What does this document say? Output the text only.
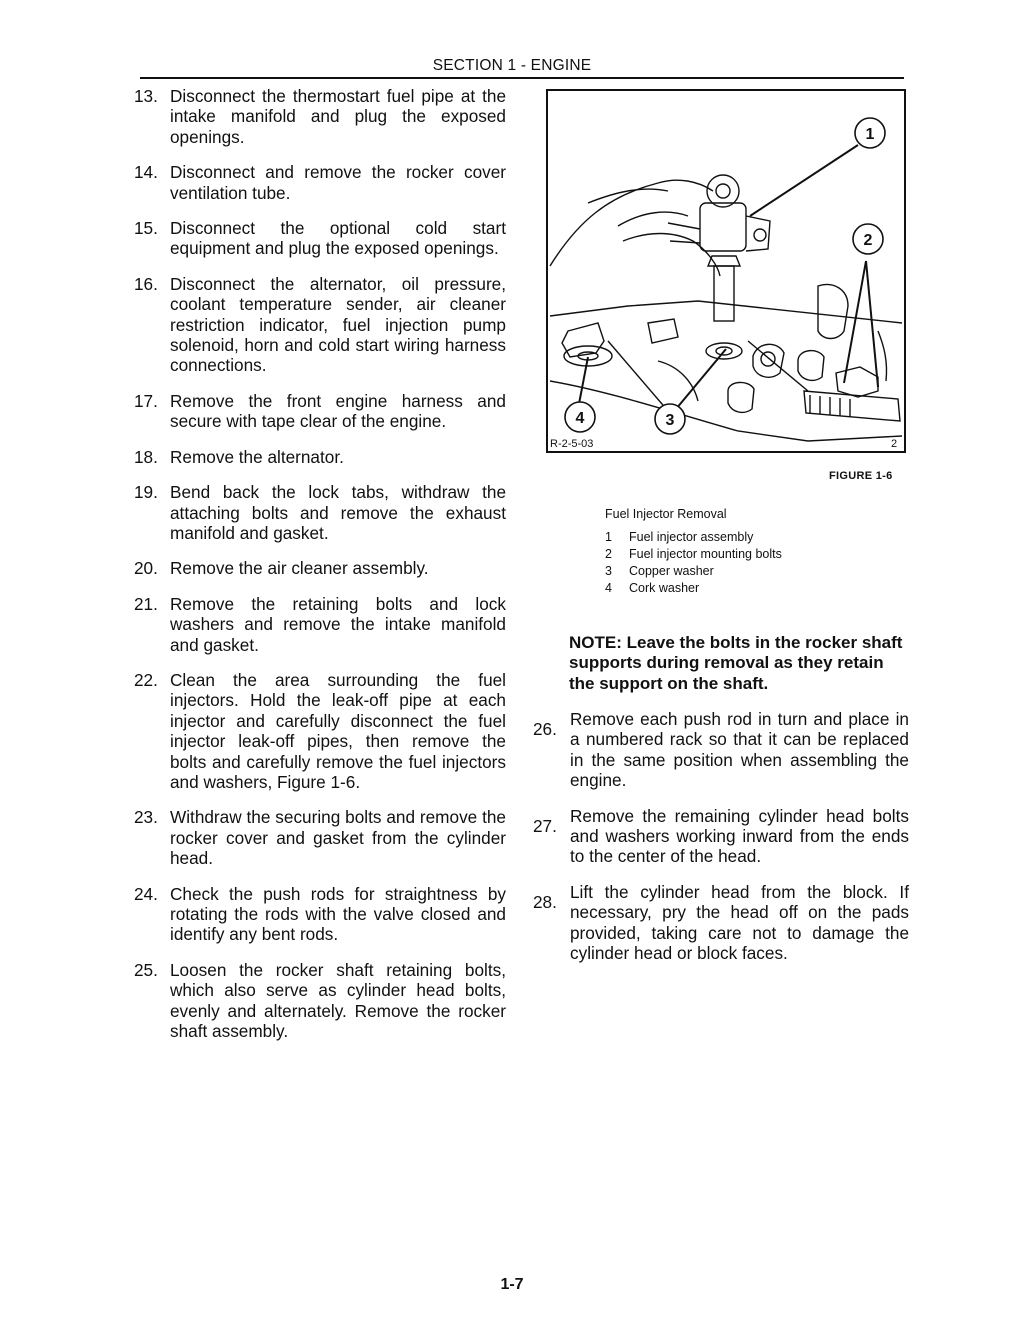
SECTION 1 - ENGINE
13. Disconnect the thermostart fuel pipe at the intake manifold and plug the exposed openings.
14. Disconnect and remove the rocker cover ventilation tube.
15. Disconnect the optional cold start equipment and plug the exposed openings.
16. Disconnect the alternator, oil pressure, coolant temperature sender, air cleaner restriction indicator, fuel injection pump solenoid, horn and cold start wiring harness connections.
17. Remove the front engine harness and secure with tape clear of the engine.
18. Remove the alternator.
19. Bend back the lock tabs, withdraw the attaching bolts and remove the exhaust manifold and gasket.
20. Remove the air cleaner assembly.
21. Remove the retaining bolts and lock washers and remove the intake manifold and gasket.
22. Clean the area surrounding the fuel injectors. Hold the leak-off pipe at each injector and carefully disconnect the fuel injector leak-off pipes, then remove the bolts and carefully remove the fuel injectors and washers, Figure 1-6.
23. Withdraw the securing bolts and remove the rocker cover and gasket from the cylinder head.
24. Check the push rods for straightness by rotating the rods with the valve closed and identify any bent rods.
25. Loosen the rocker shaft retaining bolts, which also serve as cylinder head bolts, evenly and alternately. Remove the rocker shaft assembly.
1
2
3
4
2
R-2-5-03
FIGURE 1-6
Fuel Injector Removal
1	Fuel injector assembly
2	Fuel injector mounting bolts
3	Copper washer
4	Cork washer
NOTE: Leave the bolts in the rocker shaft supports during removal as they retain the support on the shaft.
26. Remove each push rod in turn and place in a numbered rack so that it can be replaced in the same position when assembling the engine.
27. Remove the remaining cylinder head bolts and washers working inward from the ends to the center of the head.
28. Lift the cylinder head from the block. If necessary, pry the head off on the pads provided, taking care not to damage the cylinder head or block faces.
1-7
